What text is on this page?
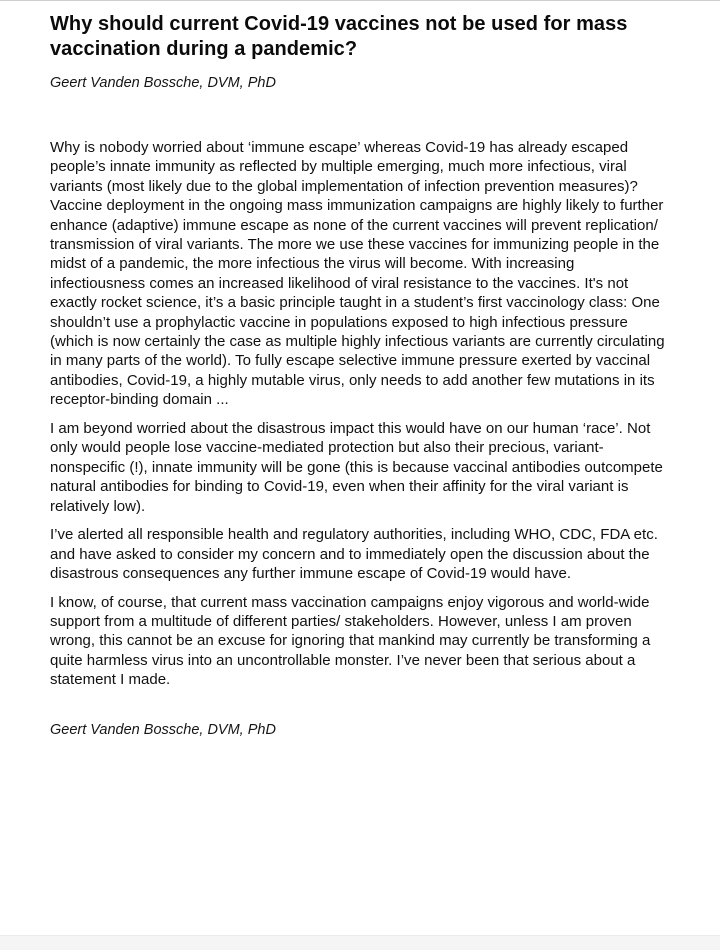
Why should current Covid-19 vaccines not be used for mass vaccination during a pandemic?

Geert Vanden Bossche, DVM, PhD

Why is nobody worried about ‘immune escape’ whereas Covid-19 has already escaped people’s innate immunity as reflected by multiple emerging, much more infectious, viral variants (most likely due to the global implementation of infection prevention measures)? Vaccine deployment in the ongoing mass immunization campaigns are highly likely to further enhance (adaptive) immune escape as none of the current vaccines will prevent replication/ transmission of viral variants. The more we use these vaccines for immunizing people in the midst of a pandemic, the more infectious the virus will become. With increasing infectiousness comes an increased likelihood of viral resistance to the vaccines. It's not exactly rocket science, it’s a basic principle taught in a student’s first vaccinology class: One shouldn’t use a prophylactic vaccine in populations exposed to high infectious pressure (which is now certainly the case as multiple highly infectious variants are currently circulating in many parts of the world). To fully escape selective immune pressure exerted by vaccinal antibodies, Covid-19, a highly mutable virus, only needs to add another few mutations in its receptor-binding domain ...

I am beyond worried about the disastrous impact this would have on our human ‘race’. Not only would people lose vaccine-mediated protection but also their precious, variant-nonspecific (!), innate immunity will be gone (this is because vaccinal antibodies outcompete natural antibodies for binding to Covid-19, even when their affinity for the viral variant is relatively low).

I’ve alerted all responsible health and regulatory authorities, including WHO, CDC, FDA etc. and have asked to consider my concern and to immediately open the discussion about the disastrous consequences any further immune escape of Covid-19 would have.

I know, of course, that current mass vaccination campaigns enjoy vigorous and world-wide support from a multitude of different parties/ stakeholders. However, unless I am proven wrong, this cannot be an excuse for ignoring that mankind may currently be transforming a quite harmless virus into an uncontrollable monster. I’ve never been that serious about a statement I made.

Geert Vanden Bossche, DVM, PhD
